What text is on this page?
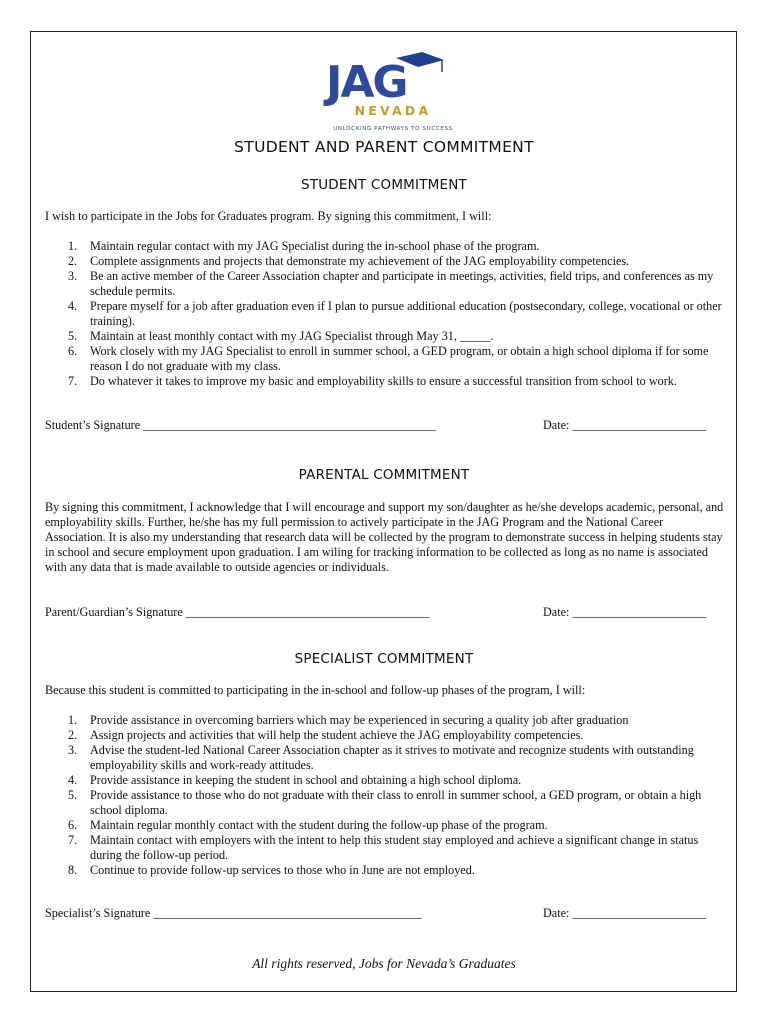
JAG
NEVADA
UNLOCKING PATHWAYS TO SUCCESS
STUDENT AND PARENT COMMITMENT
STUDENT COMMITMENT
I wish to participate in the Jobs for Graduates program. By signing this commitment, I will:
1. Maintain regular contact with my JAG Specialist during the in-school phase of the program.
2. Complete assignments and projects that demonstrate my achievement of the JAG employability competencies.
3. Be an active member of the Career Association chapter and participate in meetings, activities, field trips, and conferences as my schedule permits.
4. Prepare myself for a job after graduation even if I plan to pursue additional education (postsecondary, college, vocational or other training).
5. Maintain at least monthly contact with my JAG Specialist through May 31, _____.
6. Work closely with my JAG Specialist to enroll in summer school, a GED program, or obtain a high school diploma if for some reason I do not graduate with my class.
7. Do whatever it takes to improve my basic and employability skills to ensure a successful transition from school to work.
Student’s Signature ________________________________________________	Date: ______________________
PARENTAL COMMITMENT
By signing this commitment, I acknowledge that I will encourage and support my son/daughter as he/she develops academic, personal, and employability skills. Further, he/she has my full permission to actively participate in the JAG Program and the National Career Association. It is also my understanding that research data will be collected by the program to demonstrate success in helping students stay in school and secure employment upon graduation. I am wiling for tracking information to be collected as long as no name is associated with any data that is made available to outside agencies or individuals.
Parent/Guardian’s Signature ________________________________________	Date: ______________________
SPECIALIST COMMITMENT
Because this student is committed to participating in the in-school and follow-up phases of the program, I will:
1. Provide assistance in overcoming barriers which may be experienced in securing a quality job after graduation
2. Assign projects and activities that will help the student achieve the JAG employability competencies.
3. Advise the student-led National Career Association chapter as it strives to motivate and recognize students with outstanding employability skills and work-ready attitudes.
4. Provide assistance in keeping the student in school and obtaining a high school diploma.
5. Provide assistance to those who do not graduate with their class to enroll in summer school, a GED program, or obtain a high school diploma.
6. Maintain regular monthly contact with the student during the follow-up phase of the program.
7. Maintain contact with employers with the intent to help this student stay employed and achieve a significant change in status during the follow-up period.
8. Continue to provide follow-up services to those who in June are not employed.
Specialist’s Signature ____________________________________________	Date: ______________________
All rights reserved, Jobs for Nevada’s Graduates
